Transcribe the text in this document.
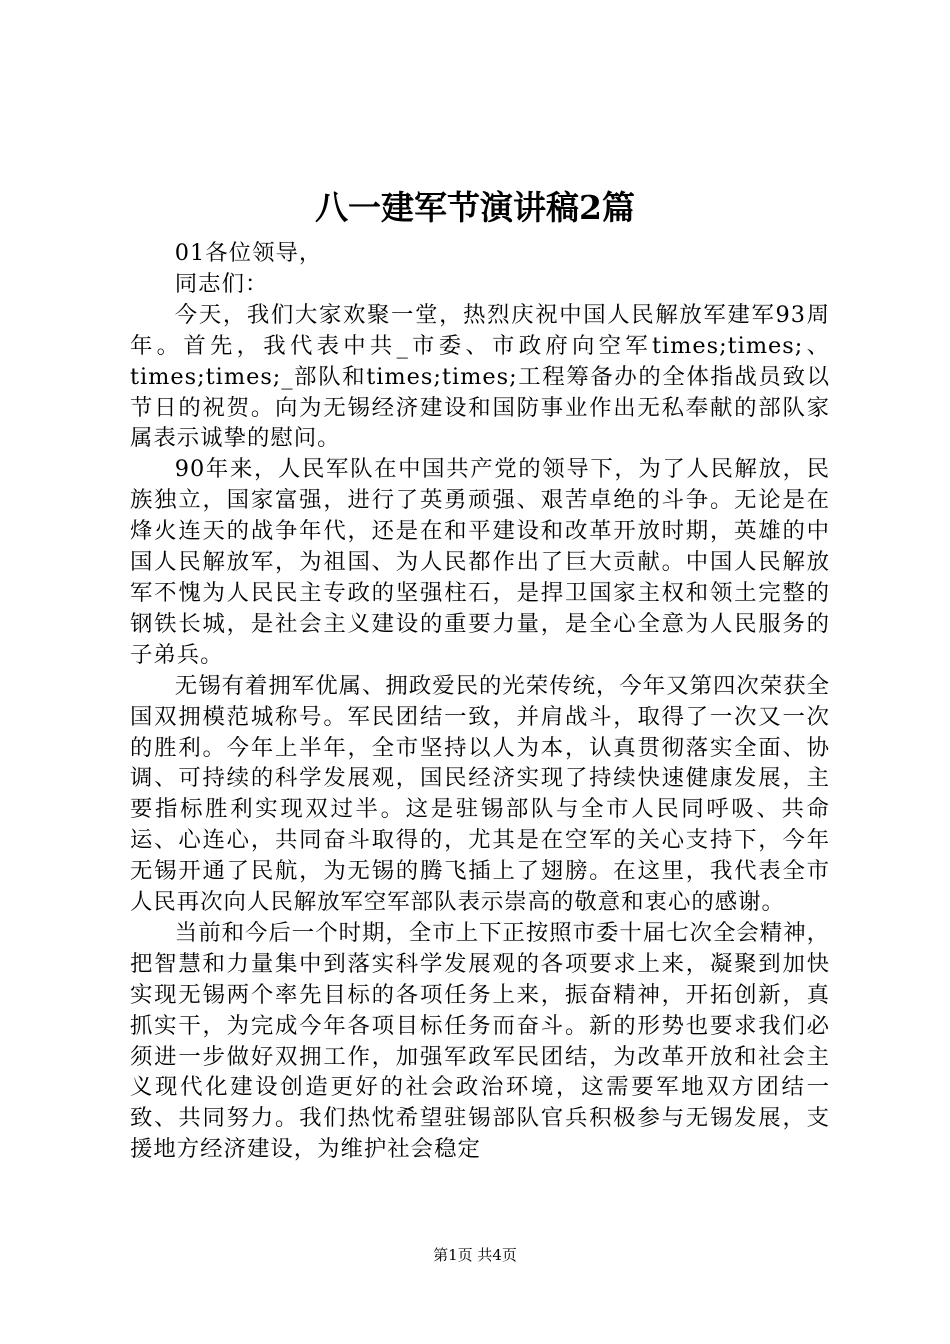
八一建军节演讲稿2篇

01各位领导，

同志们：

今天，我们大家欢聚一堂，热烈庆祝中国人民解放军建军93周年。首先，我代表中共_市委、市政府向空军times;times;、times;times;_部队和times;times;工程筹备办的全体指战员致以节日的祝贺。向为无锡经济建设和国防事业作出无私奉献的部队家属表示诚挚的慰问。

90年来，人民军队在中国共产党的领导下，为了人民解放，民族独立，国家富强，进行了英勇顽强、艰苦卓绝的斗争。无论是在烽火连天的战争年代，还是在和平建设和改革开放时期，英雄的中国人民解放军，为祖国、为人民都作出了巨大贡献。中国人民解放军不愧为人民民主专政的坚强柱石，是捍卫国家主权和领土完整的钢铁长城，是社会主义建设的重要力量，是全心全意为人民服务的子弟兵。

无锡有着拥军优属、拥政爱民的光荣传统，今年又第四次荣获全国双拥模范城称号。军民团结一致，并肩战斗，取得了一次又一次的胜利。今年上半年，全市坚持以人为本，认真贯彻落实全面、协调、可持续的科学发展观，国民经济实现了持续快速健康发展，主要指标胜利实现双过半。这是驻锡部队与全市人民同呼吸、共命运、心连心，共同奋斗取得的，尤其是在空军的关心支持下，今年无锡开通了民航，为无锡的腾飞插上了翅膀。在这里，我代表全市人民再次向人民解放军空军部队表示崇高的敬意和衷心的感谢。

当前和今后一个时期，全市上下正按照市委十届七次全会精神，把智慧和力量集中到落实科学发展观的各项要求上来，凝聚到加快实现无锡两个率先目标的各项任务上来，振奋精神，开拓创新，真抓实干，为完成今年各项目标任务而奋斗。新的形势也要求我们必须进一步做好双拥工作，加强军政军民团结，为改革开放和社会主义现代化建设创造更好的社会政治环境，这需要军地双方团结一致、共同努力。我们热忱希望驻锡部队官兵积极参与无锡发展，支援地方经济建设，为维护社会稳定

第1页 共4页
